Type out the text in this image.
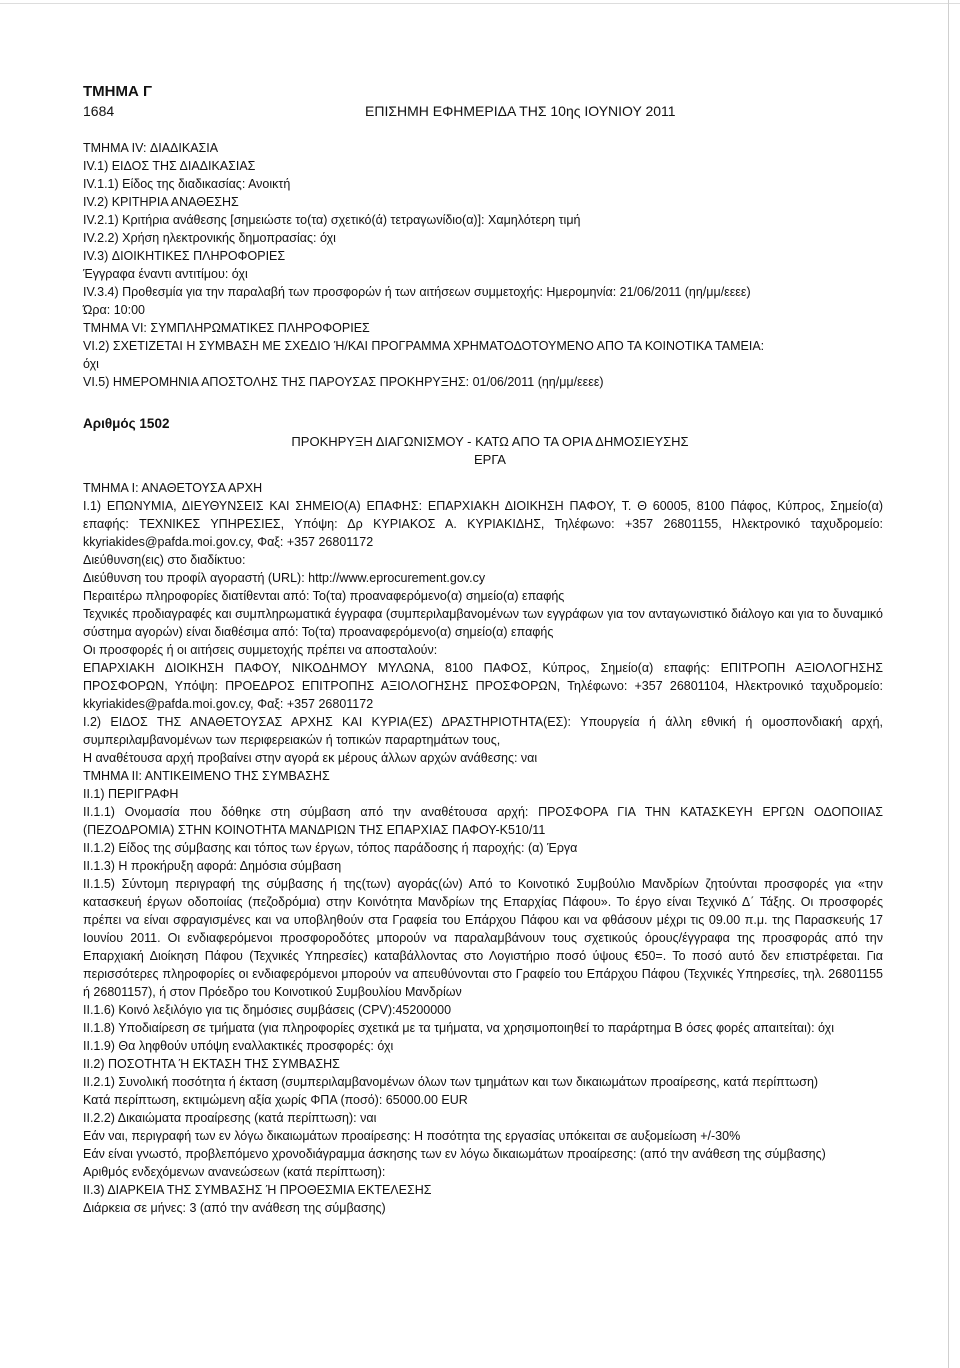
ΤΜΗΜΑ Γ
1684	ΕΠΙΣΗΜΗ ΕΦΗΜΕΡΙΔΑ ΤΗΣ 10ης ΙΟΥΝΙΟΥ 2011
ΤΜΗΜΑ IV: ΔΙΑΔΙΚΑΣΙΑ
IV.1) ΕΙΔΟΣ ΤΗΣ ΔΙΑΔΙΚΑΣΙΑΣ
IV.1.1) Είδος της διαδικασίας: Ανοικτή
IV.2) ΚΡΙΤΗΡΙΑ ΑΝΑΘΕΣΗΣ
IV.2.1) Κριτήρια ανάθεσης [σημειώστε το(τα) σχετικό(ά) τετραγωνίδιο(α)]: Χαμηλότερη τιμή
IV.2.2) Χρήση ηλεκτρονικής δημοπρασίας: όχι
IV.3) ΔΙΟΙΚΗΤΙΚΕΣ ΠΛΗΡΟΦΟΡΙΕΣ
Έγγραφα έναντι αντιτίμου: όχι
IV.3.4) Προθεσμία για την παραλαβή των προσφορών ή των αιτήσεων συμμετοχής: Ημερομηνία: 21/06/2011 (ηη/μμ/εεεε)
Ώρα: 10:00
ΤΜΗΜΑ VI: ΣΥΜΠΛΗΡΩΜΑΤΙΚΕΣ ΠΛΗΡΟΦΟΡΙΕΣ
VI.2) ΣΧΕΤΙΖΕΤΑΙ Η ΣΥΜΒΑΣΗ ΜΕ ΣΧΕΔΙΟ Ή/ΚΑΙ ΠΡΟΓΡΑΜΜΑ ΧΡΗΜΑΤΟΔΟΤΟΥΜΕΝΟ ΑΠΟ ΤΑ ΚΟΙΝΟΤΙΚΑ ΤΑΜΕΙΑ:
όχι
VI.5) ΗΜΕΡΟΜΗΝΙΑ ΑΠΟΣΤΟΛΗΣ ΤΗΣ ΠΑΡΟΥΣΑΣ ΠΡΟΚΗΡΥΞΗΣ: 01/06/2011 (ηη/μμ/εεεε)
Αριθμός 1502
ΠΡΟΚΗΡΥΞΗ ΔΙΑΓΩΝΙΣΜΟΥ - ΚΑΤΩ ΑΠΟ ΤΑ ΟΡΙΑ ΔΗΜΟΣΙΕΥΣΗΣ
ΕΡΓΑ
ΤΜΗΜΑ Ι: ΑΝΑΘΕΤΟΥΣΑ ΑΡΧΗ
Ι.1) ΕΠΩΝΥΜΙΑ, ΔΙΕΥΘΥΝΣΕΙΣ ΚΑΙ ΣΗΜΕΙΟ(Α) ΕΠΑΦΗΣ: ΕΠΑΡΧΙΑΚΗ ΔΙΟΙΚΗΣΗ ΠΑΦΟΥ, Τ. Θ 60005, 8100 Πάφος, Κύπρος, Σημείο(α) επαφής: ΤΕΧΝΙΚΕΣ ΥΠΗΡΕΣΙΕΣ, Υπόψη: Δρ ΚΥΡΙΑΚΟΣ Α. ΚΥΡΙΑΚΙΔΗΣ, Τηλέφωνο: +357 26801155, Ηλεκτρονικό ταχυδρομείο: kkyriakides@pafda.moi.gov.cy, Φαξ: +357 26801172
Διεύθυνση(εις) στο διαδίκτυο:
Διεύθυνση του προφίλ αγοραστή (URL): http://www.eprocurement.gov.cy
Περαιτέρω πληροφορίες διατίθενται από: Το(τα) προαναφερόμενο(α) σημείο(α) επαφής
Τεχνικές προδιαγραφές και συμπληρωματικά έγγραφα (συμπεριλαμβανομένων των εγγράφων για τον ανταγωνιστικό διάλογο και για το δυναμικό σύστημα αγορών) είναι διαθέσιμα από: Το(τα) προαναφερόμενο(α) σημείο(α) επαφής
Οι προσφορές ή οι αιτήσεις συμμετοχής πρέπει να αποσταλούν:
ΕΠΑΡΧΙΑΚΗ ΔΙΟΙΚΗΣΗ ΠΑΦΟΥ, ΝΙΚΟΔΗΜΟΥ ΜΥΛΩΝΑ, 8100 ΠΑΦΟΣ, Κύπρος, Σημείο(α) επαφής: ΕΠΙΤΡΟΠΗ ΑΞΙΟΛΟΓΗΣΗΣ ΠΡΟΣΦΟΡΩΝ, Υπόψη: ΠΡΟΕΔΡΟΣ ΕΠΙΤΡΟΠΗΣ ΑΞΙΟΛΟΓΗΣΗΣ ΠΡΟΣΦΟΡΩΝ, Τηλέφωνο: +357 26801104, Ηλεκτρονικό ταχυδρομείο: kkyriakides@pafda.moi.gov.cy, Φαξ: +357 26801172
Ι.2) ΕΙΔΟΣ ΤΗΣ ΑΝΑΘΕΤΟΥΣΑΣ ΑΡΧΗΣ ΚΑΙ ΚΥΡΙΑ(ΕΣ) ΔΡΑΣΤΗΡΙΟΤΗΤΑ(ΕΣ): Υπουργεία ή άλλη εθνική ή ομοσπονδιακή αρχή, συμπεριλαμβανομένων των περιφερειακών ή τοπικών παραρτημάτων τους,
Η αναθέτουσα αρχή προβαίνει στην αγορά εκ μέρους άλλων αρχών ανάθεσης: ναι
ΤΜΗΜΑ ΙΙ: ΑΝΤΙΚΕΙΜΕΝΟ ΤΗΣ ΣΥΜΒΑΣΗΣ
ΙΙ.1) ΠΕΡΙΓΡΑΦΗ
ΙΙ.1.1) Ονομασία που δόθηκε στη σύμβαση από την αναθέτουσα αρχή: ΠΡΟΣΦΟΡΑ ΓΙΑ ΤΗΝ ΚΑΤΑΣΚΕΥΗ ΕΡΓΩΝ ΟΔΟΠΟΙΙΑΣ (ΠΕΖΟΔΡΟΜΙΑ) ΣΤΗΝ ΚΟΙΝΟΤΗΤΑ ΜΑΝΔΡΙΩΝ ΤΗΣ ΕΠΑΡΧΙΑΣ ΠΑΦΟΥ-Κ510/11
ΙΙ.1.2) Είδος της σύμβασης και τόπος των έργων, τόπος παράδοσης ή παροχής: (α) Έργα
ΙΙ.1.3) Η προκήρυξη αφορά: Δημόσια σύμβαση
ΙΙ.1.5) Σύντομη περιγραφή της σύμβασης ή της(των) αγοράς(ών) Από το Κοινοτικό Συμβούλιο Μανδρίων ζητούνται προσφορές για «την κατασκευή έργων οδοποιίας (πεζοδρόμια) στην Κοινότητα Μανδρίων της Επαρχίας Πάφου». Το έργο είναι Τεχνικό Δ΄ Τάξης. Οι προσφορές πρέπει να είναι σφραγισμένες και να υποβληθούν στα Γραφεία του Επάρχου Πάφου και να φθάσουν μέχρι τις 09.00 π.μ. της Παρασκευής 17 Ιουνίου 2011. Οι ενδιαφερόμενοι προσφοροδότες μπορούν να παραλαμβάνουν τους σχετικούς όρους/έγγραφα της προσφοράς από την Επαρχιακή Διοίκηση Πάφου (Τεχνικές Υπηρεσίες) καταβάλλοντας στο Λογιστήριο ποσό ύψους €50=. Το ποσό αυτό δεν επιστρέφεται. Για περισσότερες πληροφορίες οι ενδιαφερόμενοι μπορούν να απευθύνονται στο Γραφείο του Επάρχου Πάφου (Τεχνικές Υπηρεσίες, τηλ. 26801155 ή 26801157), ή στον Πρόεδρο του Κοινοτικού Συμβουλίου Μανδρίων
ΙΙ.1.6) Κοινό λεξιλόγιο για τις δημόσιες συμβάσεις (CPV):45200000
ΙΙ.1.8) Υποδιαίρεση σε τμήματα (για πληροφορίες σχετικά με τα τμήματα, να χρησιμοποιηθεί το παράρτημα Β όσες φορές απαιτείται): όχι
ΙΙ.1.9) Θα ληφθούν υπόψη εναλλακτικές προσφορές: όχι
ΙΙ.2) ΠΟΣΟΤΗΤΑ Ή ΕΚΤΑΣΗ ΤΗΣ ΣΥΜΒΑΣΗΣ
ΙΙ.2.1) Συνολική ποσότητα ή έκταση (συμπεριλαμβανομένων όλων των τμημάτων και των δικαιωμάτων προαίρεσης, κατά περίπτωση)
Κατά περίπτωση, εκτιμώμενη αξία χωρίς ΦΠΑ (ποσό): 65000.00 EUR
ΙΙ.2.2) Δικαιώματα προαίρεσης (κατά περίπτωση): ναι
Εάν ναι, περιγραφή των εν λόγω δικαιωμάτων προαίρεσης: Η ποσότητα της εργασίας υπόκειται σε αυξομείωση +/-30%
Εάν είναι γνωστό, προβλεπόμενο χρονοδιάγραμμα άσκησης των εν λόγω δικαιωμάτων προαίρεσης: (από την ανάθεση της σύμβασης)
Αριθμός ενδεχόμενων ανανεώσεων (κατά περίπτωση):
ΙΙ.3) ΔΙΑΡΚΕΙΑ ΤΗΣ ΣΥΜΒΑΣΗΣ Ή ΠΡΟΘΕΣΜΙΑ ΕΚΤΕΛΕΣΗΣ
Διάρκεια σε μήνες: 3 (από την ανάθεση της σύμβασης)
